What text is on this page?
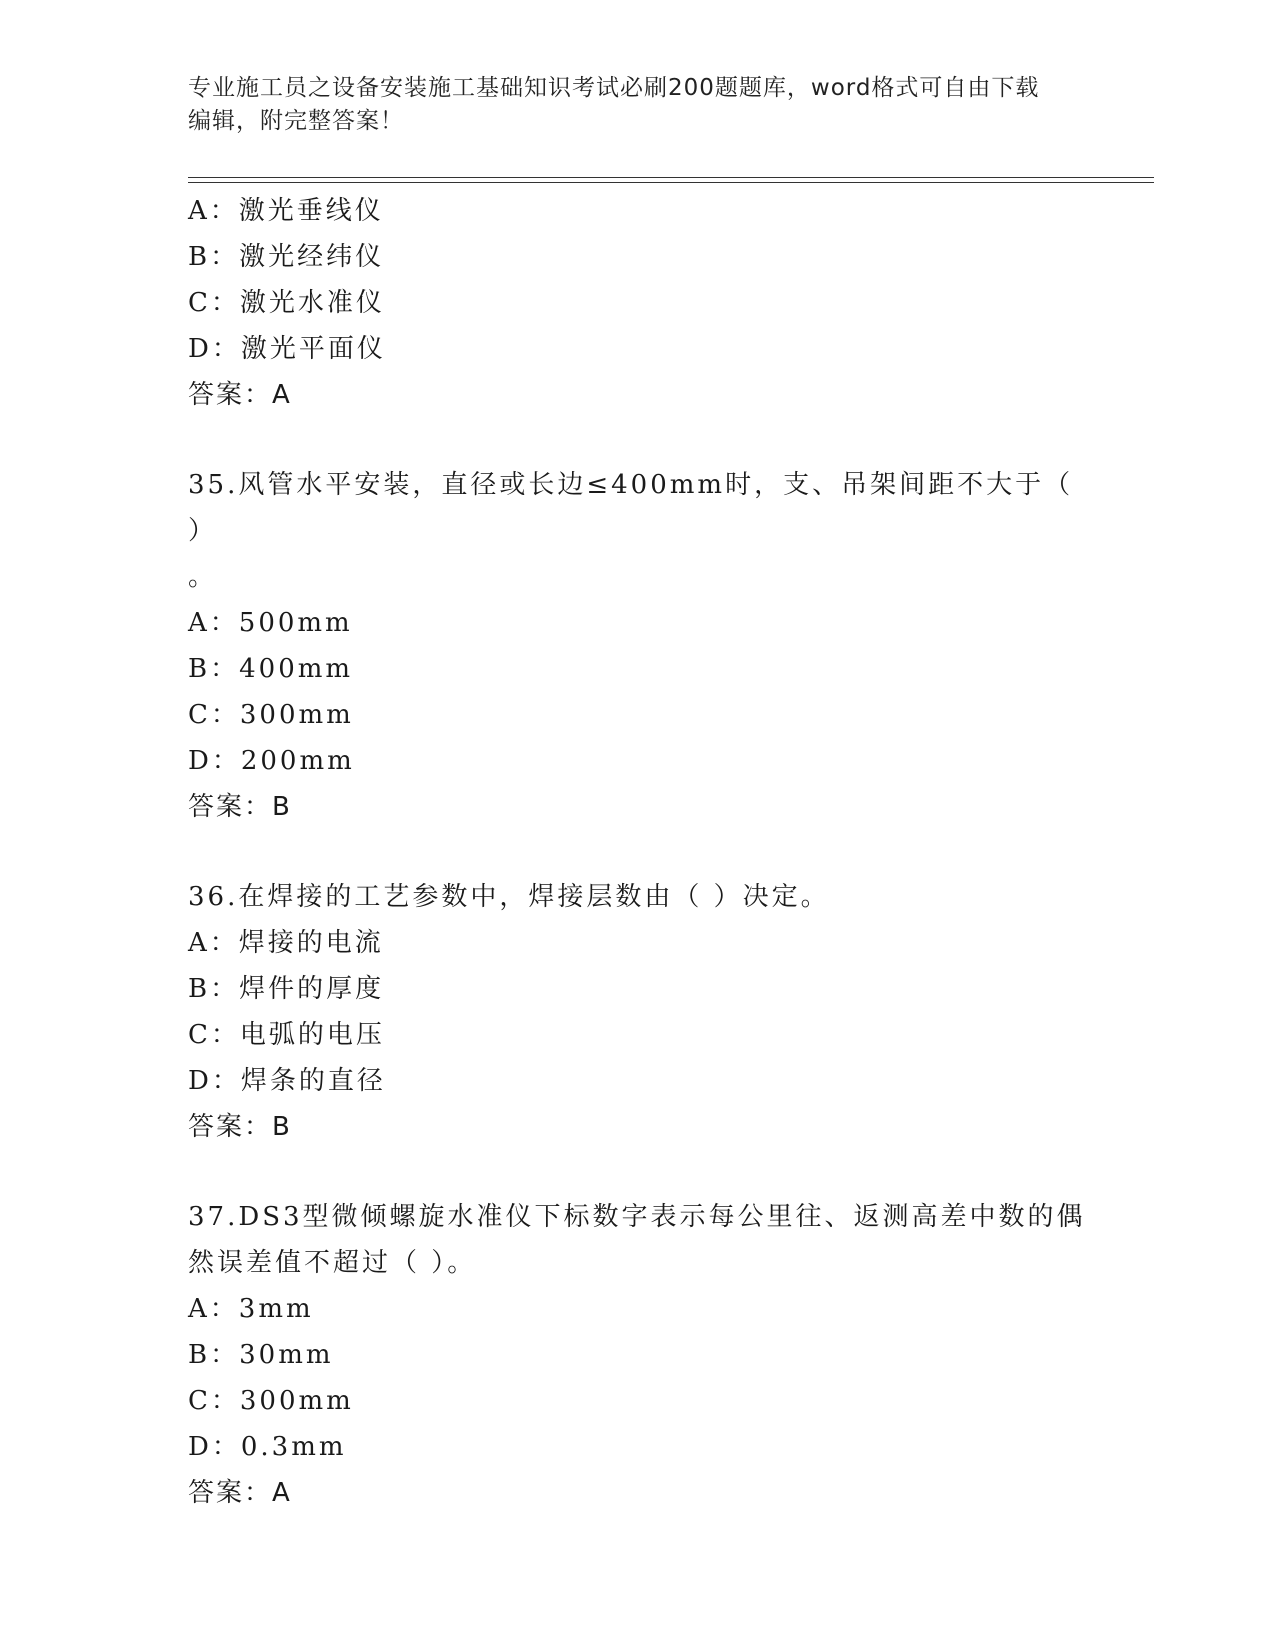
专业施工员之设备安装施工基础知识考试必刷200题题库，word格式可自由下载
编辑，附完整答案！
A：激光垂线仪
B：激光经纬仪
C：激光水准仪
D：激光平面仪
答案：A
35.风管水平安装，直径或长边≤400mm时，支、吊架间距不大于（ ）
。
A：500mm
B：400mm
C：300mm
D：200mm
答案：B
36.在焊接的工艺参数中，焊接层数由（ ）决定。
A：焊接的电流
B：焊件的厚度
C：电弧的电压
D：焊条的直径
答案：B
37.DS3型微倾螺旋水准仪下标数字表示每公里往、返测高差中数的偶
然误差值不超过（ ）。
A：3mm
B：30mm
C：300mm
D：0.3mm
答案：A
